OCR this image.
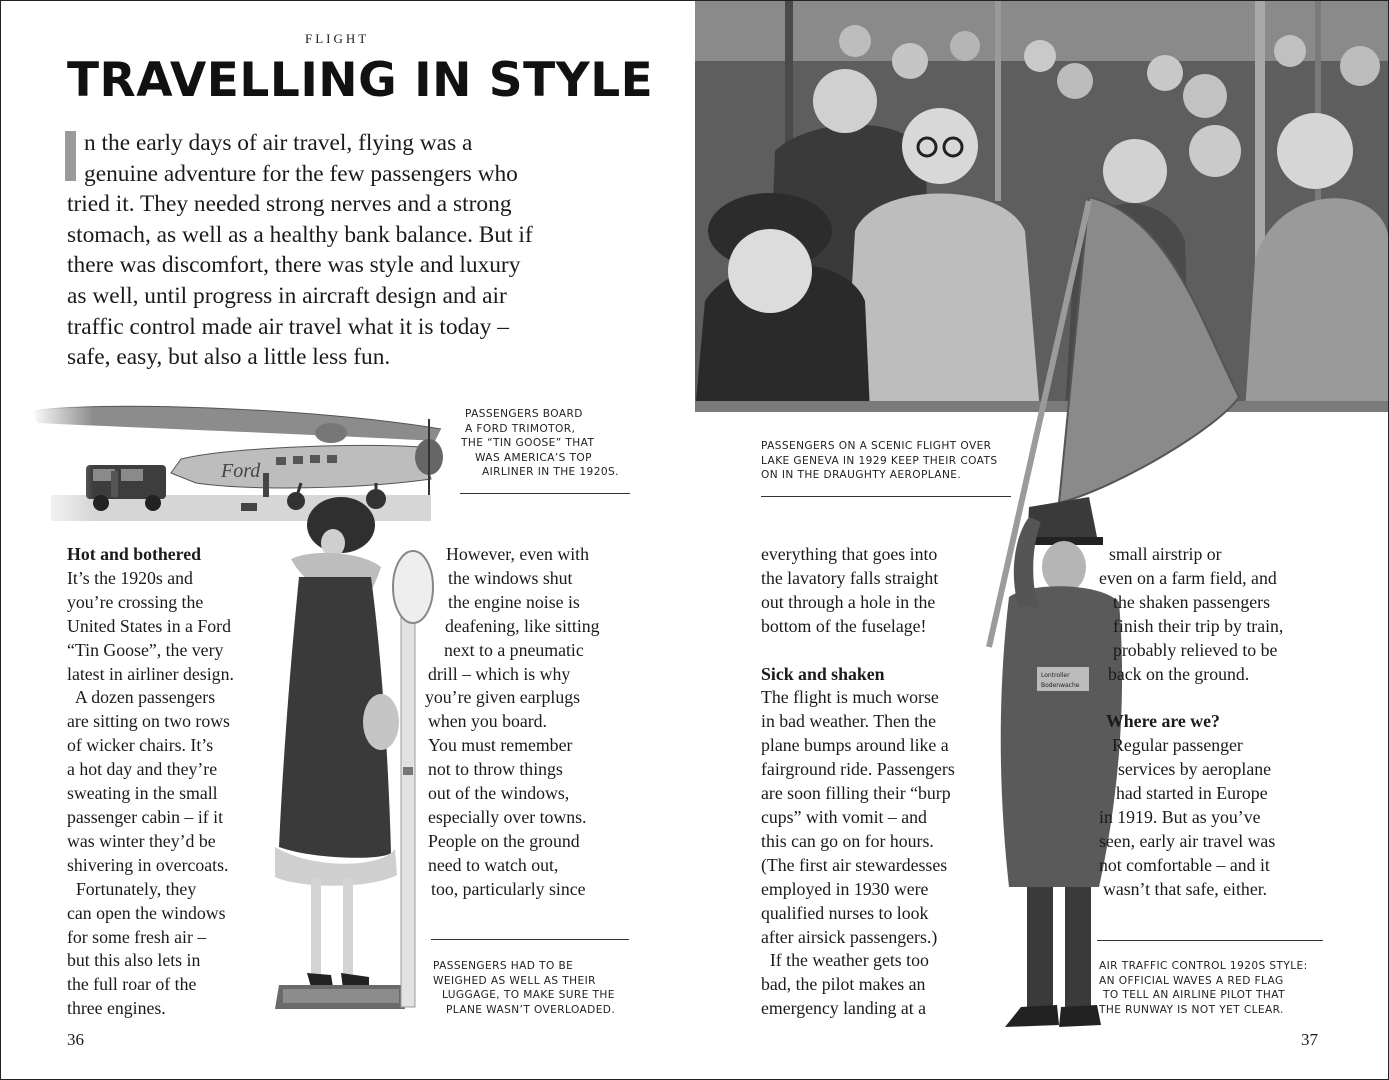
FLIGHT
TRAVELLING IN STYLE
n the early days of air travel, flying was a
genuine adventure for the few passengers who
tried it. They needed strong nerves and a strong
stomach, as well as a healthy bank balance. But if
there was discomfort, there was style and luxury
as well, until progress in aircraft design and air
traffic control made air travel what it is today –
safe, easy, but also a little less fun.
PASSENGERS BOARD
A FORD TRIMOTOR,
THE “TIN GOOSE” THAT
WAS AMERICA’S TOP
AIRLINER IN THE 1920S.
Hot and bothered
It’s the 1920s and
you’re crossing the
United States in a Ford
“Tin Goose”, the very
latest in airliner design.
A dozen passengers
are sitting on two rows
of wicker chairs. It’s
a hot day and they’re
sweating in the small
passenger cabin – if it
was winter they’d be
shivering in overcoats.
Fortunately, they
can open the windows
for some fresh air –
but this also lets in
the full roar of the
three engines.
However, even with
the windows shut
the engine noise is
deafening, like sitting
next to a pneumatic
drill – which is why
you’re given earplugs
when you board.
You must remember
not to throw things
out of the windows,
especially over towns.
People on the ground
need to watch out,
too, particularly since
PASSENGERS HAD TO BE
WEIGHED AS WELL AS THEIR
LUGGAGE, TO MAKE SURE THE
PLANE WASN’T OVERLOADED.
36
PASSENGERS ON A SCENIC FLIGHT OVER
LAKE GENEVA IN 1929 KEEP THEIR COATS
ON IN THE DRAUGHTY AEROPLANE.
Lontroller
Bodenwache
everything that goes into
the lavatory falls straight
out through a hole in the
bottom of the fuselage!

Sick and shaken
The flight is much worse
in bad weather. Then the
plane bumps around like a
fairground ride. Passengers
are soon filling their “burp
cups” with vomit – and
this can go on for hours.
(The first air stewardesses
employed in 1930 were
qualified nurses to look
after airsick passengers.)
If the weather gets too
bad, the pilot makes an
emergency landing at a
small airstrip or
even on a farm field, and
the shaken passengers
finish their trip by train,
probably relieved to be
back on the ground.

Where are we?
Regular passenger
services by aeroplane
had started in Europe
in 1919. But as you’ve
seen, early air travel was
not comfortable – and it
wasn’t that safe, either.
AIR TRAFFIC CONTROL 1920S STYLE:
AN OFFICIAL WAVES A RED FLAG
TO TELL AN AIRLINE PILOT THAT
THE RUNWAY IS NOT YET CLEAR.
37
